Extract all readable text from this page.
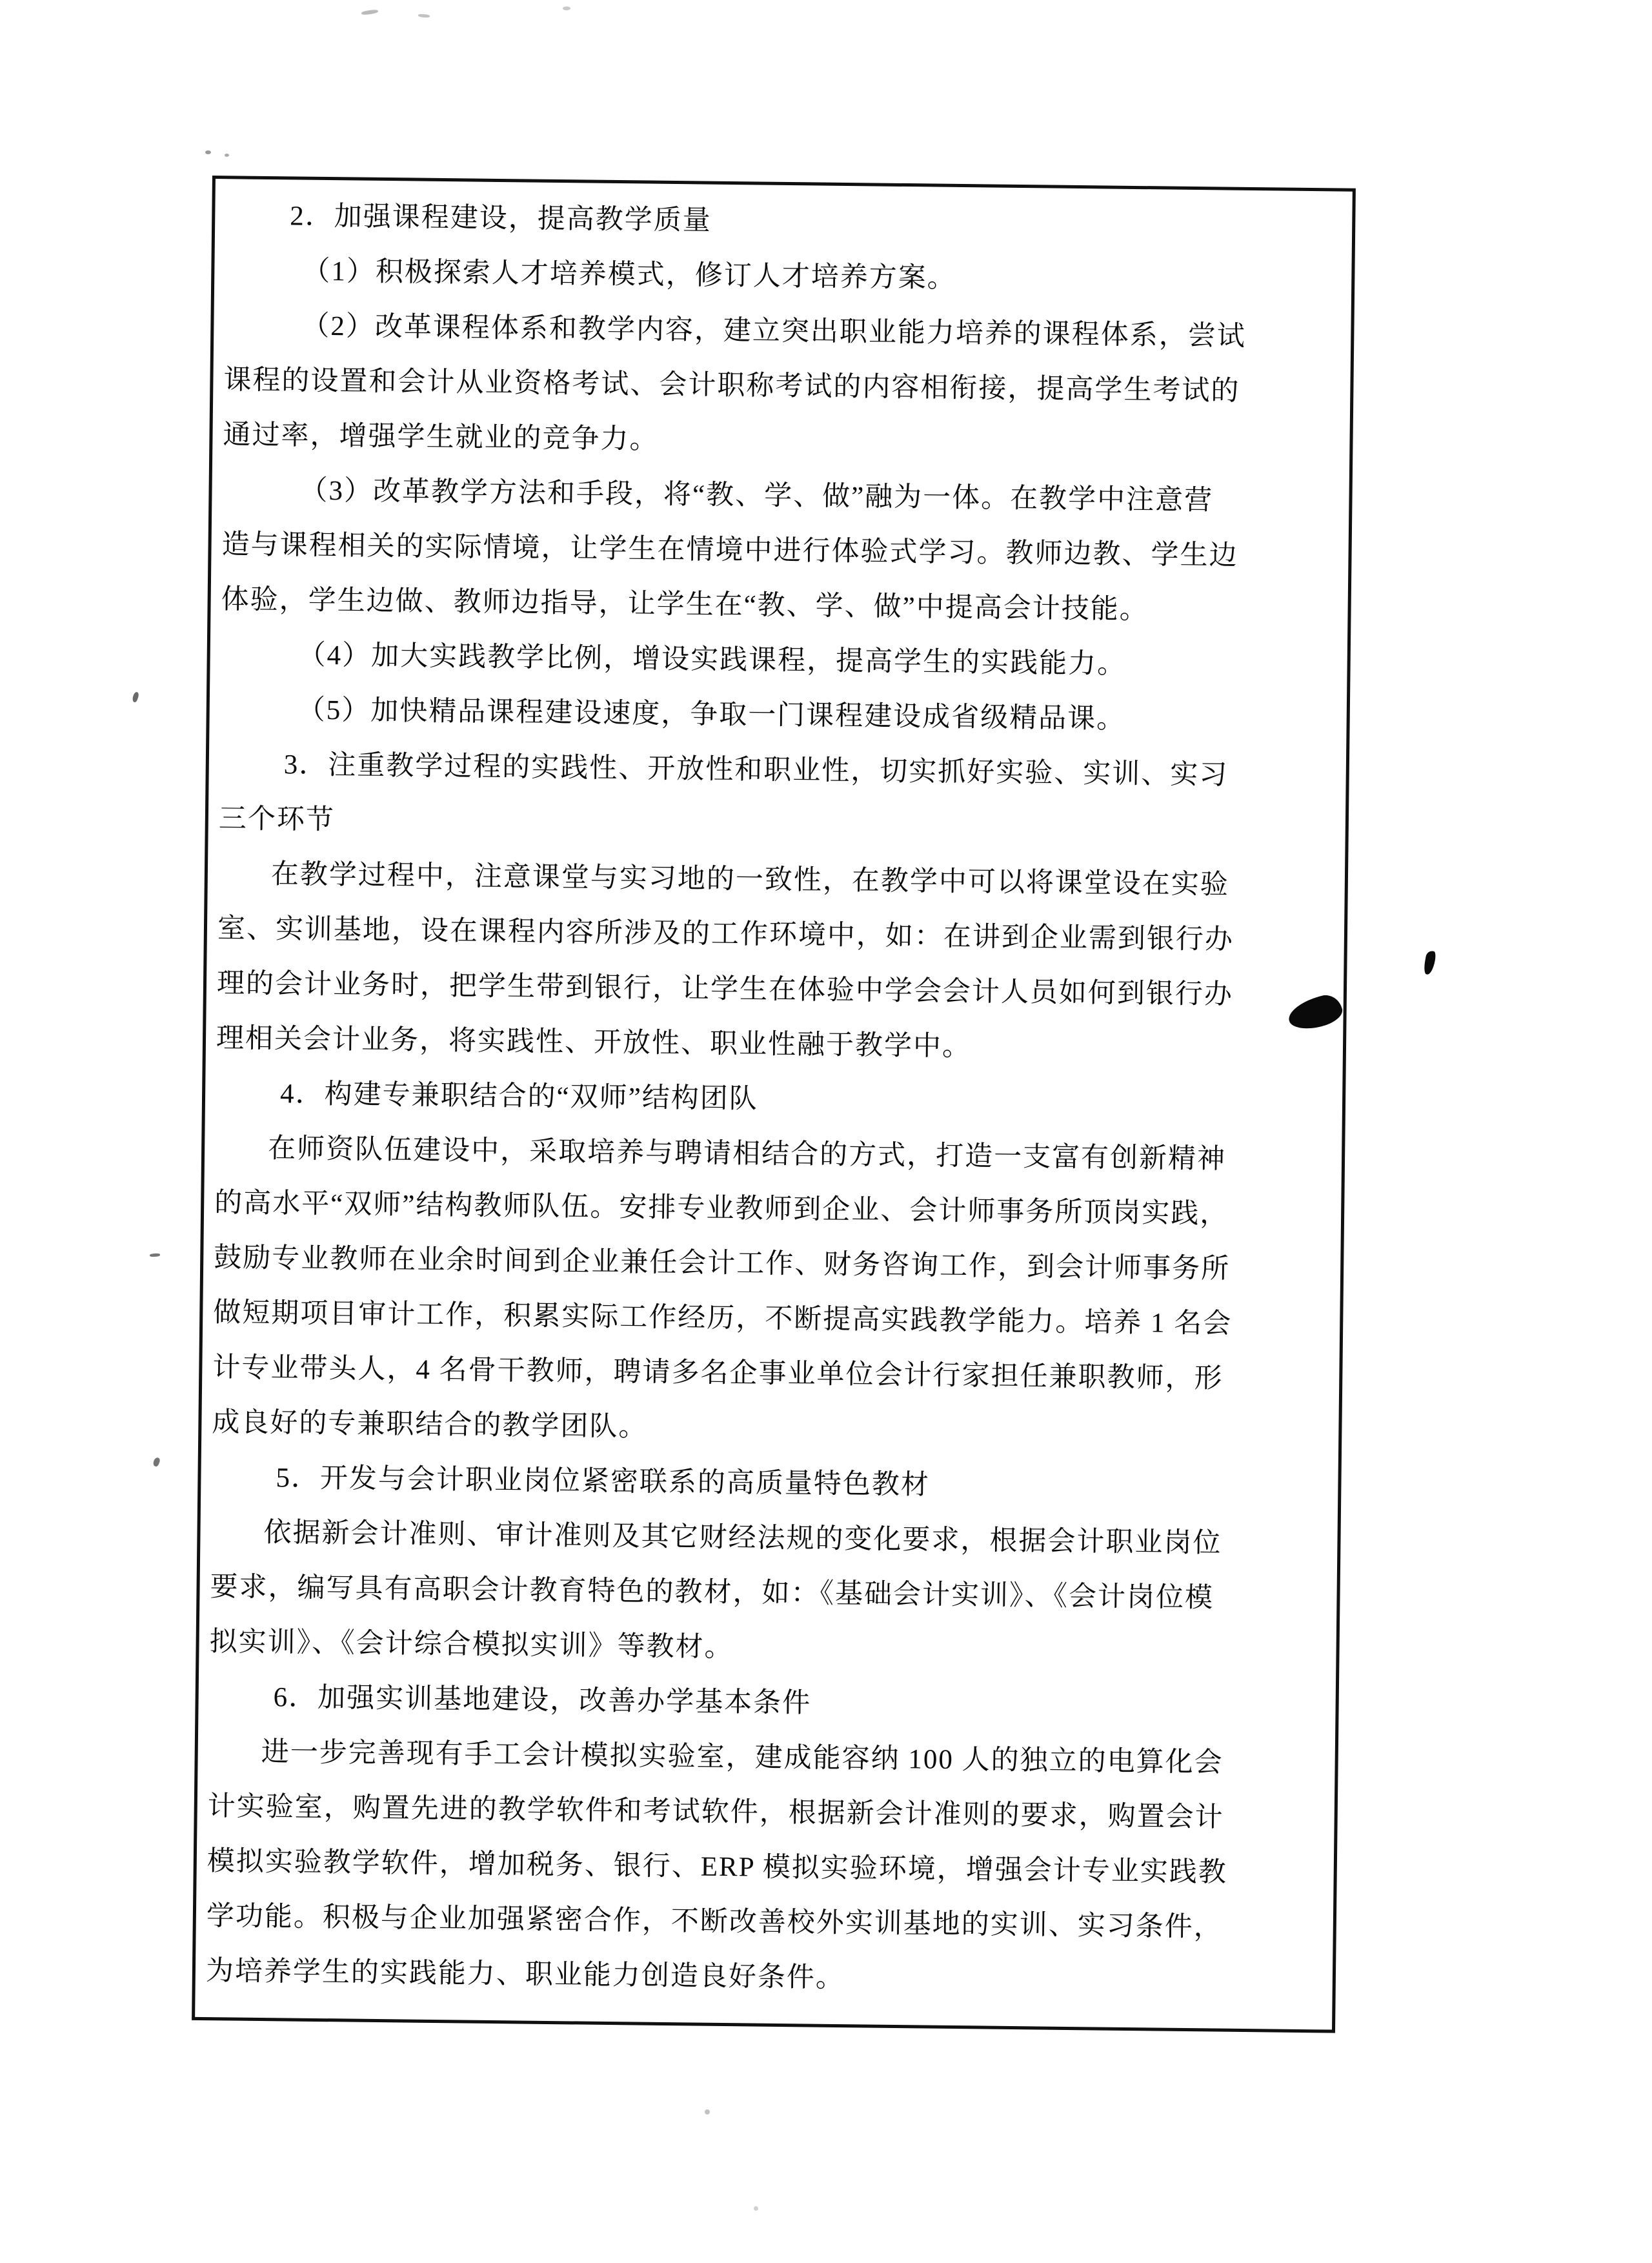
2．加强课程建设，提高教学质量
（1）积极探索人才培养模式，修订人才培养方案。
（2）改革课程体系和教学内容，建立突出职业能力培养的课程体系，尝试
课程的设置和会计从业资格考试、会计职称考试的内容相衔接，提高学生考试的
通过率，增强学生就业的竞争力。
（3）改革教学方法和手段，将“教、学、做”融为一体。在教学中注意营
造与课程相关的实际情境，让学生在情境中进行体验式学习。教师边教、学生边
体验，学生边做、教师边指导，让学生在“教、学、做”中提高会计技能。
（4）加大实践教学比例，增设实践课程，提高学生的实践能力。
（5）加快精品课程建设速度，争取一门课程建设成省级精品课。
3．注重教学过程的实践性、开放性和职业性，切实抓好实验、实训、实习
三个环节
在教学过程中，注意课堂与实习地的一致性，在教学中可以将课堂设在实验
室、实训基地，设在课程内容所涉及的工作环境中，如：在讲到企业需到银行办
理的会计业务时，把学生带到银行，让学生在体验中学会会计人员如何到银行办
理相关会计业务，将实践性、开放性、职业性融于教学中。
4．构建专兼职结合的“双师”结构团队
在师资队伍建设中，采取培养与聘请相结合的方式，打造一支富有创新精神
的高水平“双师”结构教师队伍。安排专业教师到企业、会计师事务所顶岗实践，
鼓励专业教师在业余时间到企业兼任会计工作、财务咨询工作，到会计师事务所
做短期项目审计工作，积累实际工作经历，不断提高实践教学能力。培养 1 名会
计专业带头人，4 名骨干教师，聘请多名企事业单位会计行家担任兼职教师，形
成良好的专兼职结合的教学团队。
5．开发与会计职业岗位紧密联系的高质量特色教材
依据新会计准则、审计准则及其它财经法规的变化要求，根据会计职业岗位
要求，编写具有高职会计教育特色的教材，如：《基础会计实训》、《会计岗位模
拟实训》、《会计综合模拟实训》等教材。
6．加强实训基地建设，改善办学基本条件
进一步完善现有手工会计模拟实验室，建成能容纳 100 人的独立的电算化会
计实验室，购置先进的教学软件和考试软件，根据新会计准则的要求，购置会计
模拟实验教学软件，增加税务、银行、ERP 模拟实验环境，增强会计专业实践教
学功能。积极与企业加强紧密合作，不断改善校外实训基地的实训、实习条件，
为培养学生的实践能力、职业能力创造良好条件。
